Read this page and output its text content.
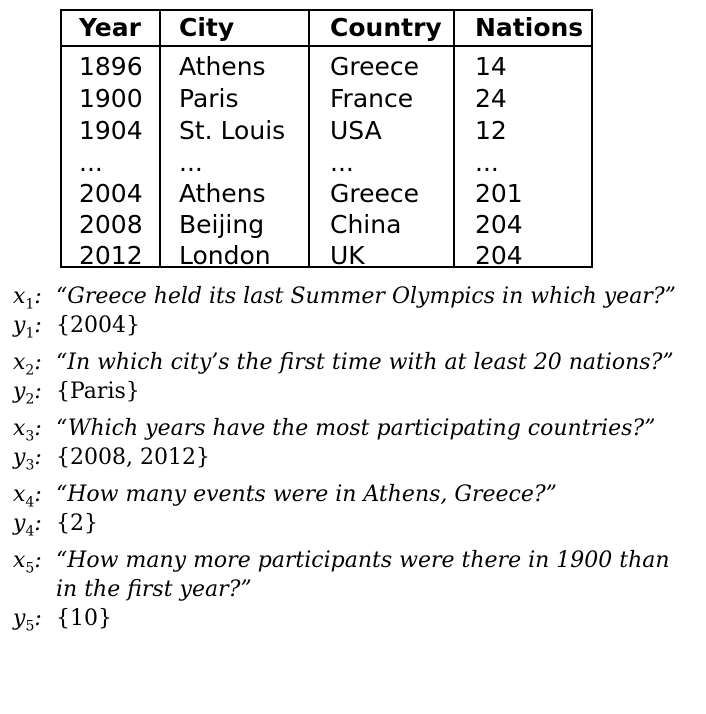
Year
1896
1900
1904
...
2004
2008
2012
City
Athens
Paris
St. Louis
...
Athens
Beijing
London
Country
Greece
France
USA
...
Greece
China
UK
Nations
14
24
12
...
201
204
204
$x_1$: “Greece held its last Summer Olympics in which year?”
$y_1$: {2004}
$x_2$: “In which city’s the first time with at least 20 nations?”
$y_2$: {Paris}
$x_3$: “Which years have the most participating countries?”
$y_3$: {2008, 2012}
$x_4$: “How many events were in Athens, Greece?”
$y_4$: {2}
$x_5$: “How many more participants were there in 1900 than
in the first year?”
$y_5$: {10}
